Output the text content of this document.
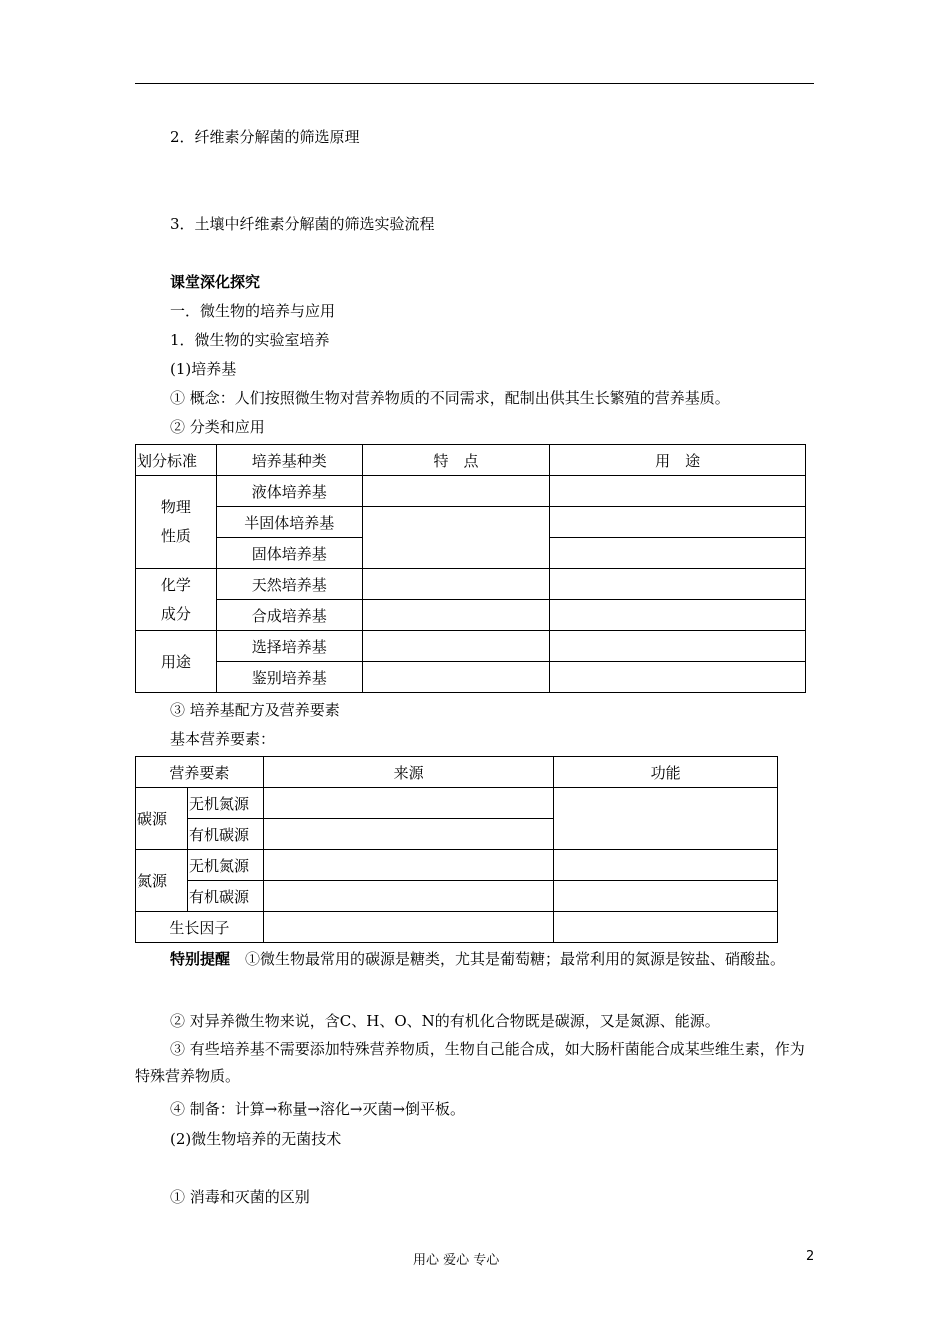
2．纤维素分解菌的筛选原理
3．土壤中纤维素分解菌的筛选实验流程
课堂深化探究
一．微生物的培养与应用
1．微生物的实验室培养
(1)培养基
① 概念：人们按照微生物对营养物质的不同需求，配制出供其生长繁殖的营养基质。
② 分类和应用
划分标准	培养基种类	特　点	用　途

物理
性质	液体培养基		
	半固体培养基		
	固体培养基		

化学
成分	天然培养基		
	合成培养基		
用途	选择培养基		
	鉴别培养基		
③ 培养基配方及营养要素
基本营养要素：
营养要素		来源	功能
碳源	无机氮源		
	有机碳源		
氮源	无机氮源		
	有机碳源		
生长因子			
特别提醒　 ①微生物最常用的碳源是糖类，尤其是葡萄糖；最常利用的氮源是铵盐、硝酸盐。
② 对异养微生物来说，含C、H、O、N的有机化合物既是碳源，又是氮源、能源。
③ 有些培养基不需要添加特殊营养物质，生物自己能合成，如大肠杆菌能合成某些维生素，作为特殊营养物质。
④ 制备：计算→称量→溶化→灭菌→倒平板。
(2)微生物培养的无菌技术
① 消毒和灭菌的区别
用心 爱心 专心	2
